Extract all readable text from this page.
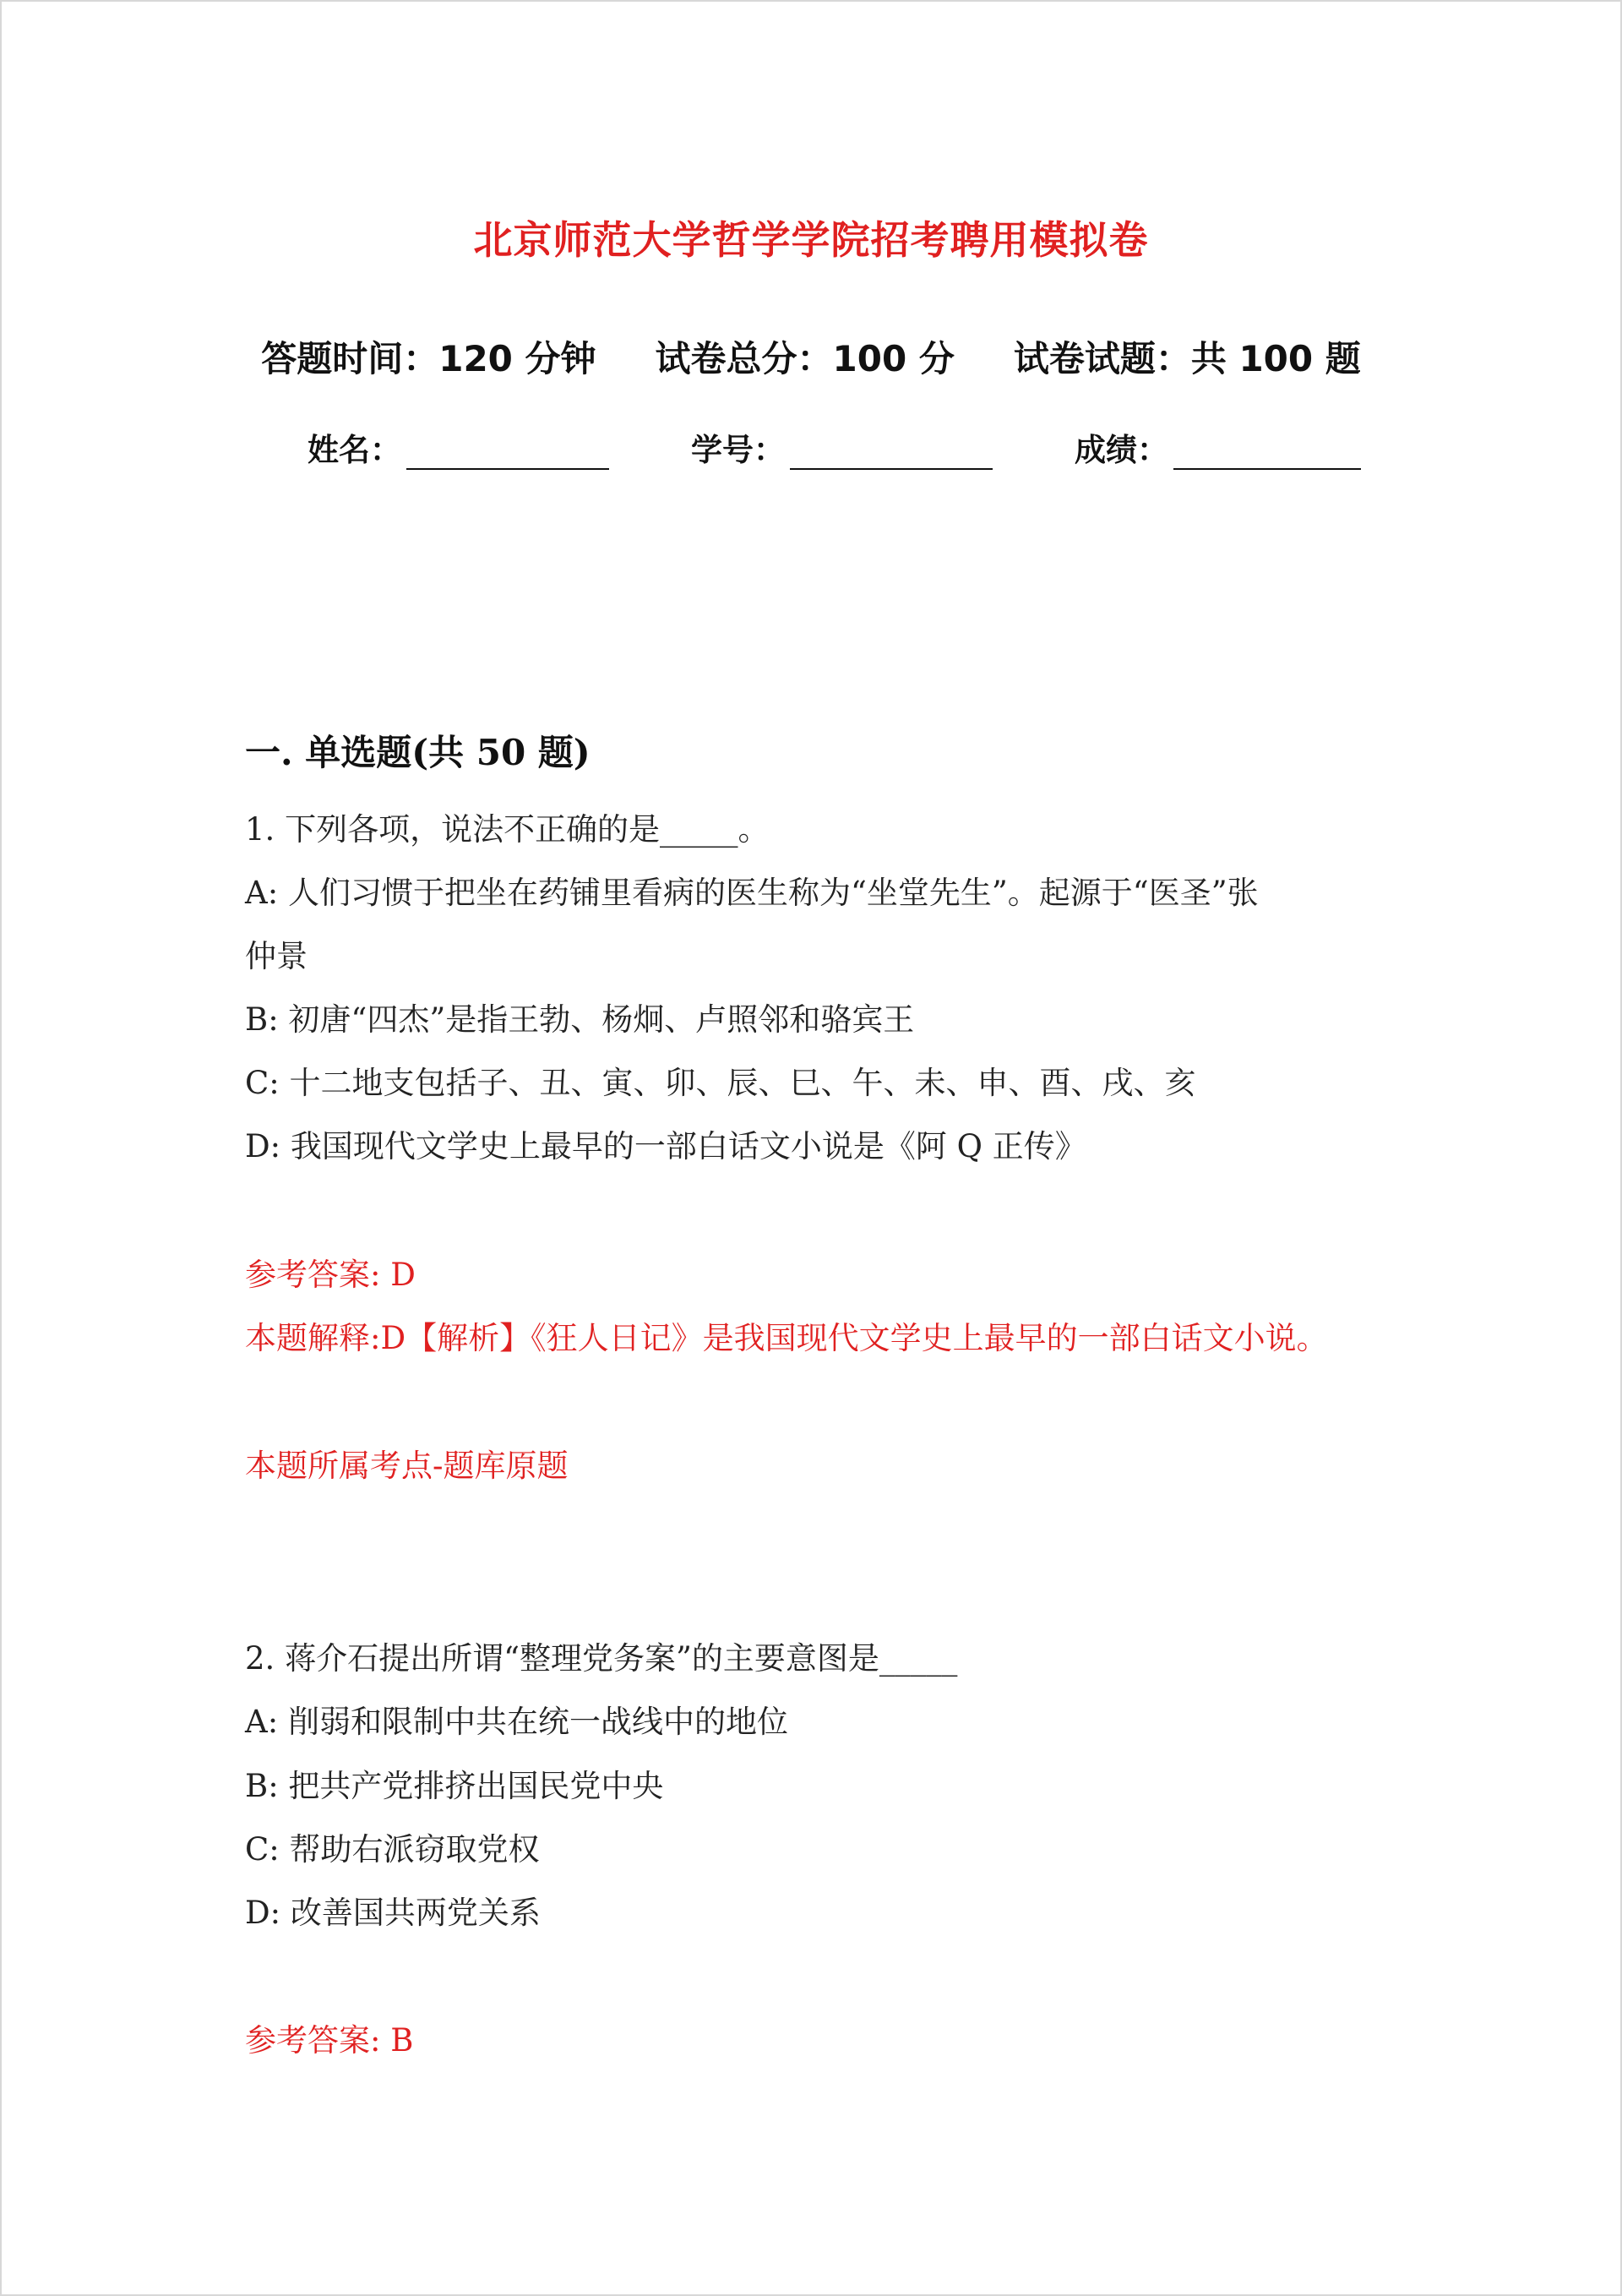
北京师范大学哲学学院招考聘用模拟卷
答题时间：120 分钟 试卷总分：100 分 试卷试题：共 100 题
姓名：	学号：	成绩：
一. 单选题(共 50 题)
1. 下列各项，说法不正确的是_____。
A: 人们习惯于把坐在药铺里看病的医生称为“坐堂先生”。起源于“医圣”张
仲景
B: 初唐“四杰”是指王勃、杨炯、卢照邻和骆宾王
C: 十二地支包括子、丑、寅、卯、辰、巳、午、未、申、酉、戌、亥
D: 我国现代文学史上最早的一部白话文小说是《阿 Q 正传》
参考答案: D
本题解释:D【解析】《狂人日记》是我国现代文学史上最早的一部白话文小说。
本题所属考点-题库原题
2. 蒋介石提出所谓“整理党务案”的主要意图是_____
A: 削弱和限制中共在统一战线中的地位
B: 把共产党排挤出国民党中央
C: 帮助右派窃取党权
D: 改善国共两党关系
参考答案: B
